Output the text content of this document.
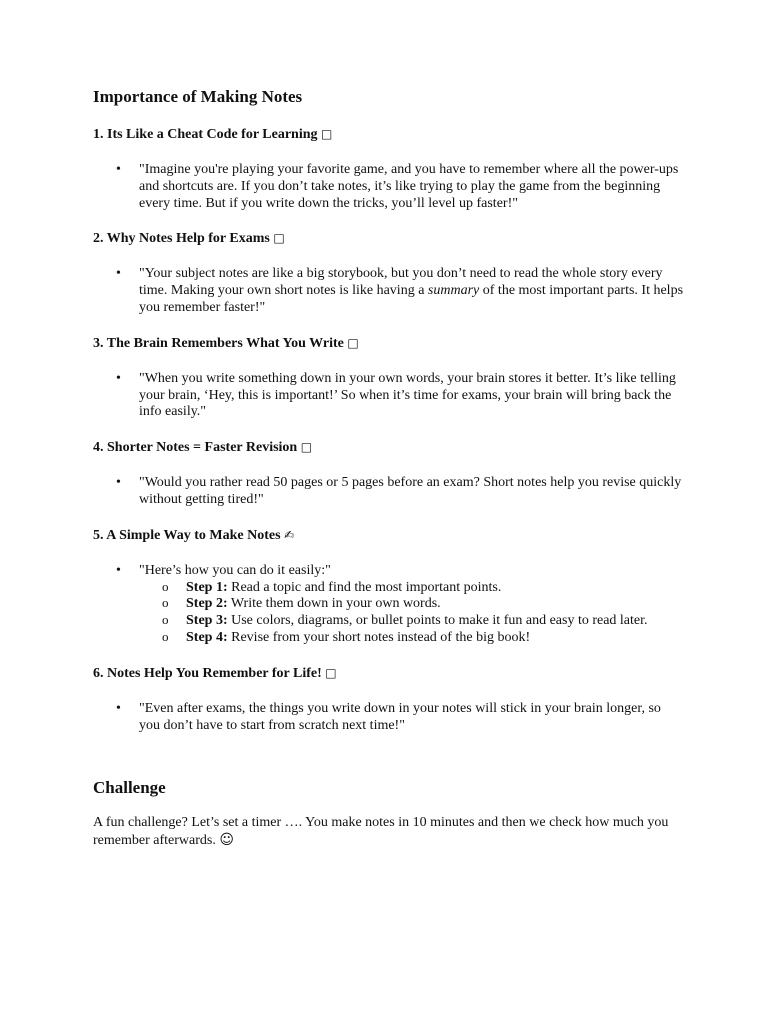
Importance of Making Notes
1. Its Like a Cheat Code for Learning □
• "Imagine you're playing your favorite game, and you have to remember where all the power-ups and shortcuts are. If you don’t take notes, it’s like trying to play the game from the beginning every time. But if you write down the tricks, you’ll level up faster!"
2. Why Notes Help for Exams □
• "Your subject notes are like a big storybook, but you don’t need to read the whole story every time. Making your own short notes is like having a summary of the most important parts. It helps you remember faster!"
3. The Brain Remembers What You Write □
• "When you write something down in your own words, your brain stores it better. It’s like telling your brain, ‘Hey, this is important!’ So when it’s time for exams, your brain will bring back the info easily."
4. Shorter Notes = Faster Revision □
• "Would you rather read 50 pages or 5 pages before an exam? Short notes help you revise quickly without getting tired!"
5. A Simple Way to Make Notes ✍
• "Here’s how you can do it easily:"
o Step 1: Read a topic and find the most important points.
o Step 2: Write them down in your own words.
o Step 3: Use colors, diagrams, or bullet points to make it fun and easy to read later.
o Step 4: Revise from your short notes instead of the big book!
6. Notes Help You Remember for Life! □
• "Even after exams, the things you write down in your notes will stick in your brain longer, so you don’t have to start from scratch next time!"
Challenge

A fun challenge? Let’s set a timer …. You make notes in 10 minutes and then we check how much you remember afterwards. ☺
